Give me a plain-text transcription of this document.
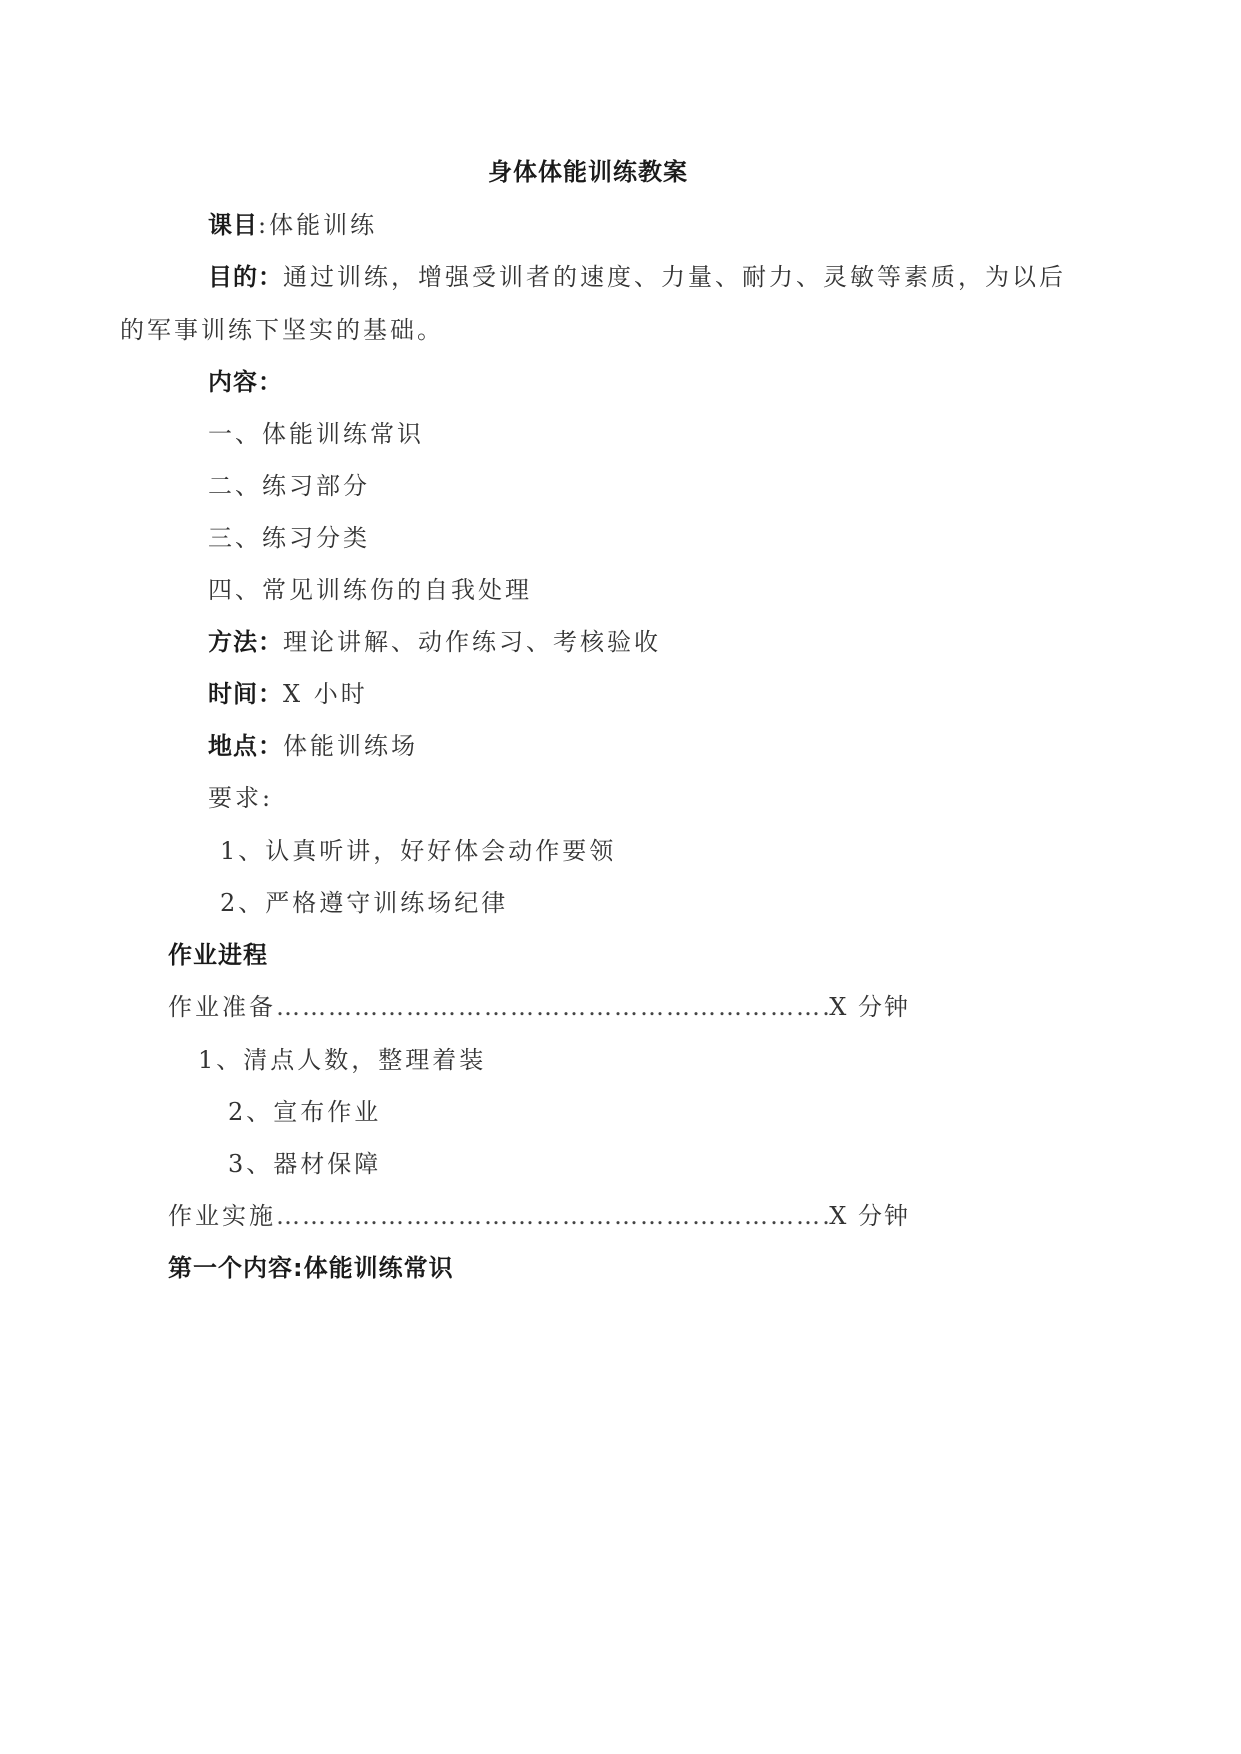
身体体能训练教案
课目:体能训练
目的：通过训练，增强受训者的速度、力量、耐力、灵敏等素质，为以后
的军事训练下坚实的基础。
内容：
一、体能训练常识
二、练习部分
三、练习分类
四、常见训练伤的自我处理
方法：理论讲解、动作练习、考核验收
时间：X 小时
地点：体能训练场
要求:
1、认真听讲，好好体会动作要领
2、严格遵守训练场纪律
作业进程
作业准备 …………………………………………………………………………………………………………………………	X 分钟
1、清点人数，整理着装
2、宣布作业
3、器材保障
作业实施 …………………………………………………………………………………………………………………………	X 分钟
第一个内容:体能训练常识
